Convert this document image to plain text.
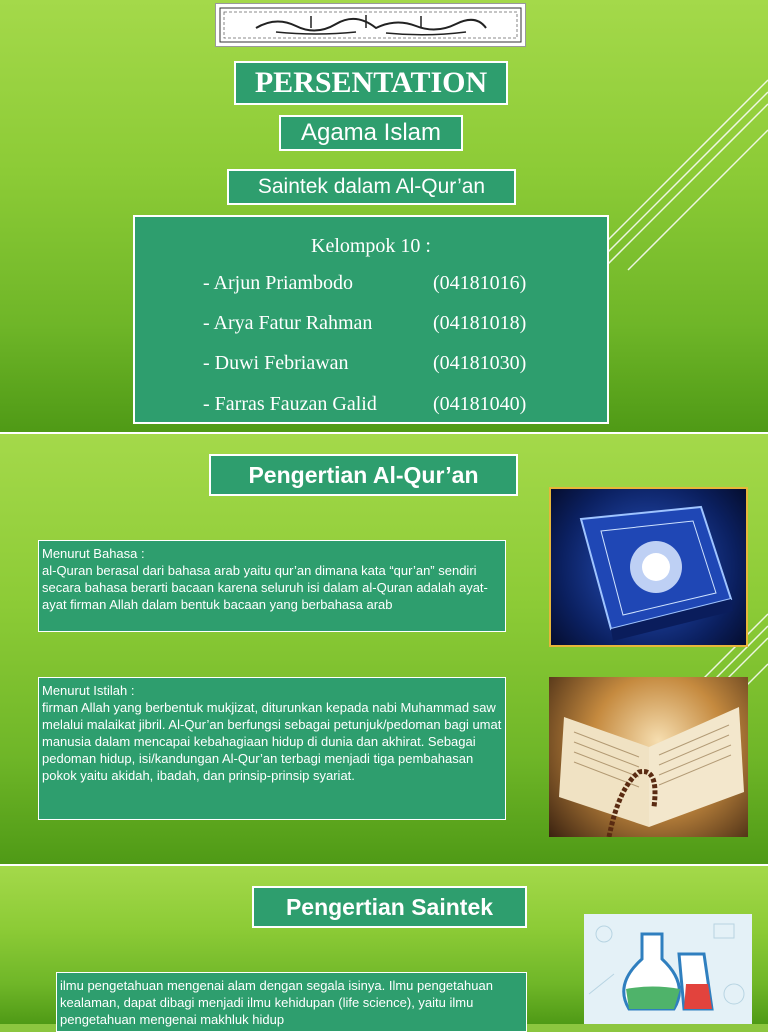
PERSENTATION
Agama Islam
Saintek dalam Al-Qur’an
Kelompok 10 :
- Arjun Priambodo	(04181016)
- Arya Fatur Rahman	(04181018)
- Duwi Febriawan	(04181030)
- Farras Fauzan Galid	(04181040)
Pengertian Al-Qur’an
Menurut Bahasa :
al-Quran berasal dari bahasa arab yaitu qur’an dimana kata “qur’an” sendiri secara bahasa berarti bacaan karena seluruh isi dalam al-Quran adalah ayat-ayat firman Allah dalam bentuk bacaan yang berbahasa arab
Menurut Istilah :
firman Allah yang berbentuk mukjizat, diturunkan kepada nabi Muhammad saw melalui malaikat jibril. Al-Qur’an berfungsi sebagai petunjuk/pedoman bagi umat manusia dalam mencapai kebahagiaan hidup di dunia dan akhirat. Sebagai pedoman hidup, isi/kandungan Al-Qur’an terbagi menjadi tiga pembahasan pokok yaitu akidah, ibadah, dan prinsip-prinsip syariat.
Pengertian Saintek
ilmu pengetahuan mengenai alam dengan segala isinya. Ilmu pengetahuan kealaman, dapat dibagi menjadi ilmu kehidupan (life science), yaitu ilmu pengetahuan mengenai makhluk hidup
